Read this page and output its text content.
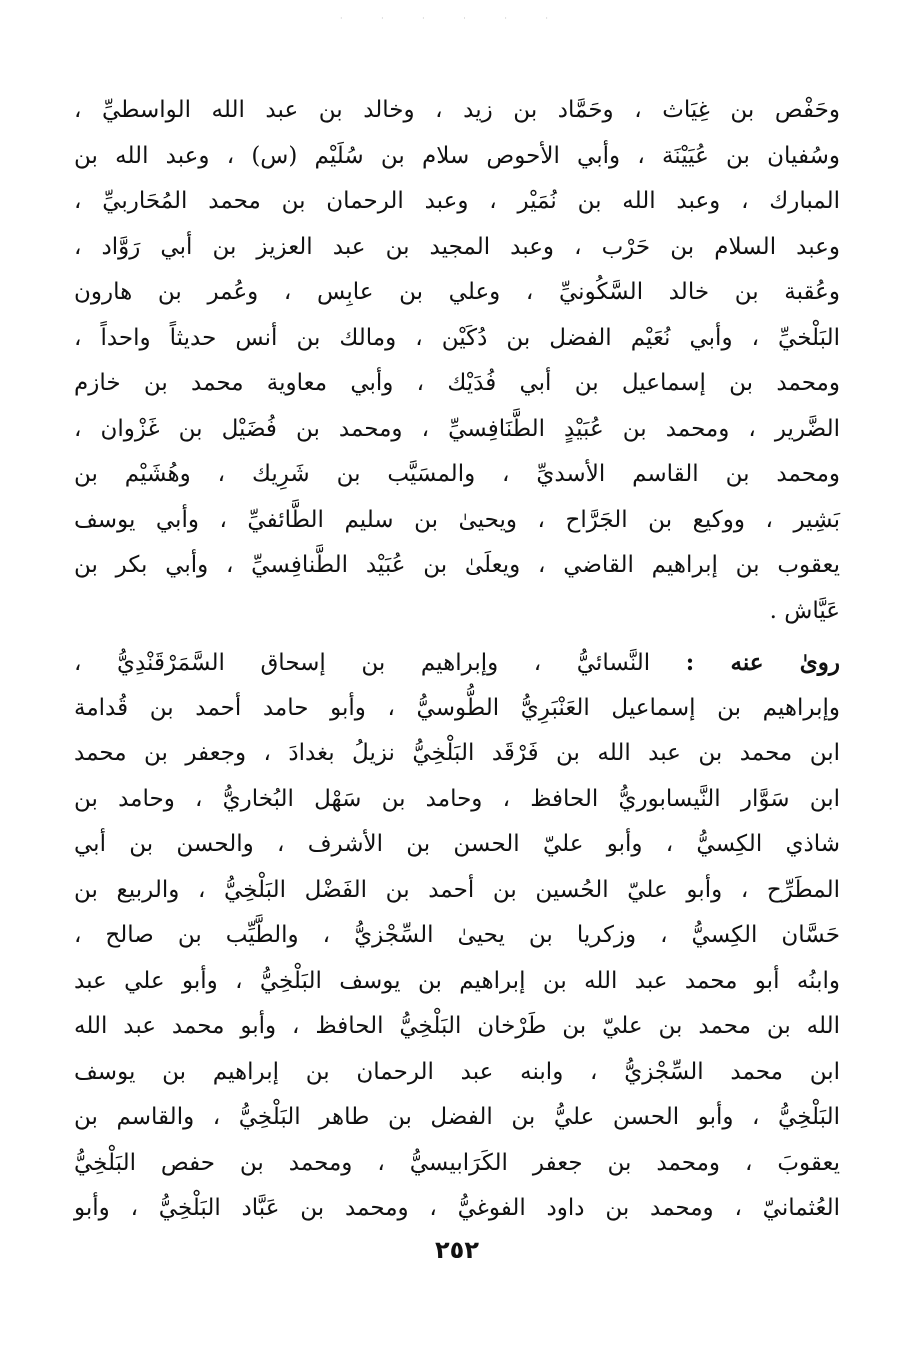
· · · · · ·
وحَفْص بن غِيَاث ، وحَمَّاد بن زيد ، وخالد بن عبد الله الواسطيِّ ،
وسُفيان بن عُيَيْنَة ، وأبي الأحوص سلام بن سُلَيْم (س) ، وعبد الله بن
المبارك ، وعبد الله بن نُمَيْر ، وعبد الرحمان بن محمد المُحَاربيِّ ،
وعبد السلام بن حَرْب ، وعبد المجيد بن عبد العزيز بن أبي رَوَّاد ،
وعُقبة بن خالد السَّكُونيِّ ، وعلي بن عابِس ، وعُمر بن هارون
البَلْخيِّ ، وأبي نُعَيْم الفضل بن دُكَيْن ، ومالك بن أنس حديثاً واحداً ،
ومحمد بن إسماعيل بن أبي فُدَيْك ، وأبي معاوية محمد بن خازم
الضَّرير ، ومحمد بن عُبَيْدٍ الطَّنَافِسيِّ ، ومحمد بن فُضَيْل بن غَزْوان ،
ومحمد بن القاسم الأسديِّ ، والمسَيَّب بن شَرِيك ، وهُشَيْم بن
بَشِير ، ووكيع بن الجَرَّاح ، ويحيىٰ بن سليم الطَّائفيِّ ، وأبي يوسف
يعقوب بن إبراهيم القاضي ، ويعلَىٰ بن عُبَيْد الطَّنافِسيِّ ، وأبي بكر بن
عَيَّاش .
روىٰ عنه : النَّسائيُّ ، وإبراهيم بن إسحاق السَّمَرْقَنْدِيُّ ،
وإبراهيم بن إسماعيل العَنْبَرِيُّ الطُّوسيُّ ، وأبو حامد أحمد بن قُدامة
ابن محمد بن عبد الله بن فَرْقَد البَلْخِيُّ نزيلُ بغدادَ ، وجعفر بن محمد
ابن سَوَّار النَّيسابوريُّ الحافظ ، وحامد بن سَهْل البُخاريُّ ، وحامد بن
شاذي الكِسيُّ ، وأبو عليّ الحسن بن الأشرف ، والحسن بن أبي
المطَرِّح ، وأبو عليّ الحُسين بن أحمد بن الفَضْل البَلْخِيُّ ، والربيع بن
حَسَّان الكِسيُّ ، وزكريا بن يحيىٰ السِّجْزيُّ ، والطَّيِّب بن صالح ،
وابنُه أبو محمد عبد الله بن إبراهيم بن يوسف البَلْخِيُّ ، وأبو علي عبد
الله بن محمد بن عليّ بن طَرْخان البَلْخِيُّ الحافظ ، وأبو محمد عبد الله
ابن محمد السِّجْزيُّ ، وابنه عبد الرحمان بن إبراهيم بن يوسف
البَلْخِيُّ ، وأبو الحسن عليُّ بن الفضل بن طاهر البَلْخِيُّ ، والقاسم بن
يعقوبَ ، ومحمد بن جعفر الكَرَابيسيُّ ، ومحمد بن حفص البَلْخِيُّ
العُثمانيّ ، ومحمد بن داود الفوغيُّ ، ومحمد بن عَبَّاد البَلْخِيُّ ، وأبو
٢٥٢
